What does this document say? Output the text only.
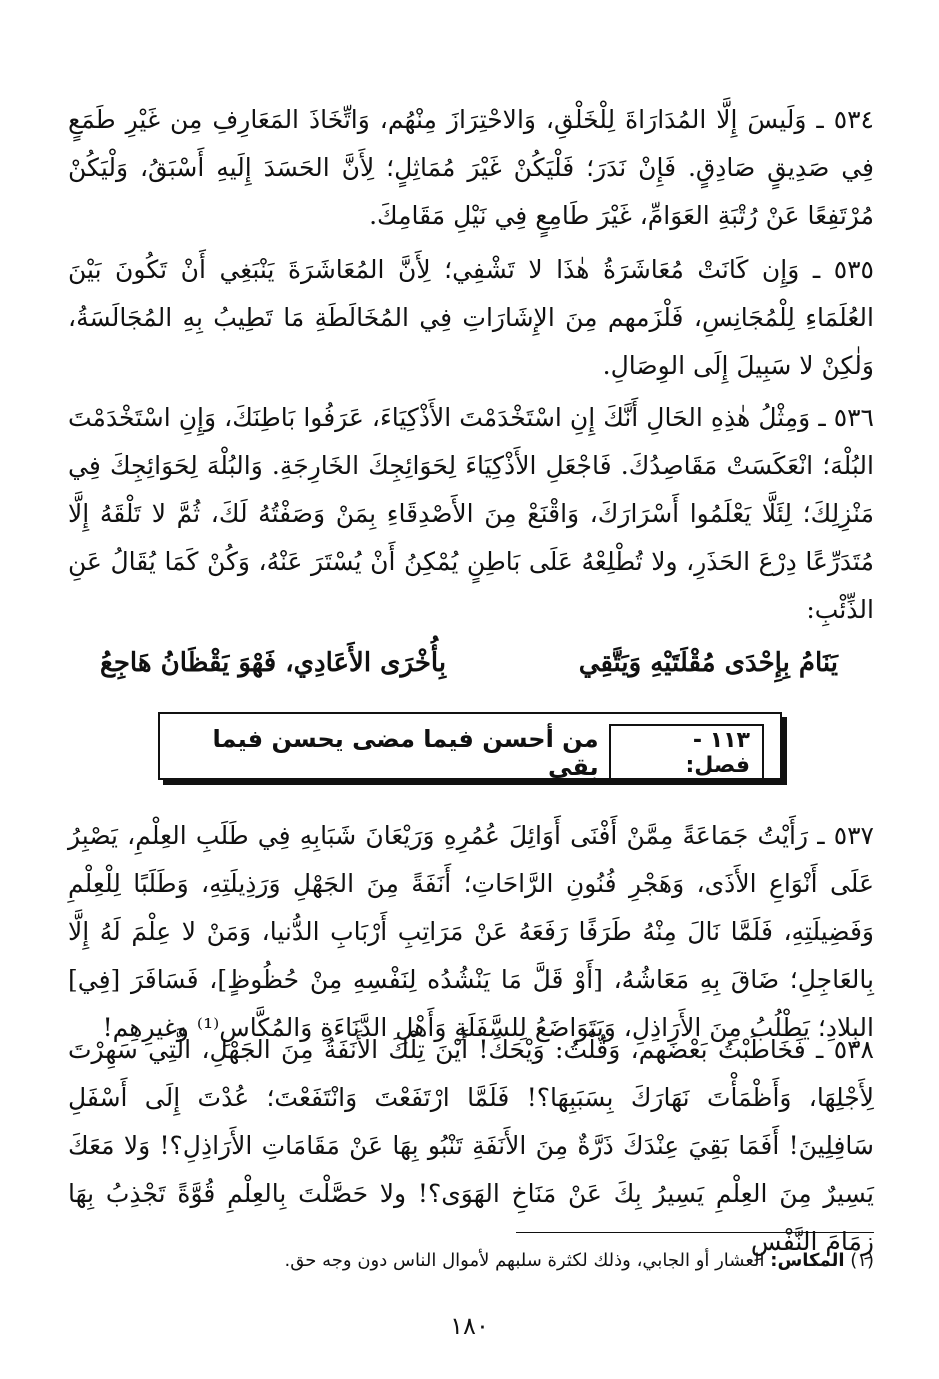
٥٣٤ ـ وَلَيسَ إِلَّا المُدَارَاةَ لِلْخَلْقِ، وَالاحْتِرَازَ مِنْهُم، وَاتِّخَاذَ المَعَارِفِ مِن غَيْرِ طَمَعٍ فِي صَدِيقٍ صَادِقٍ. فَإِنْ نَدَرَ؛ فَلْيَكُنْ غَيْرَ مُمَاثِلٍ؛ لِأَنَّ الحَسَدَ إِلَيهِ أَسْبَقُ، وَلْيَكُنْ مُرْتَفِعًا عَنْ رُتْبَةِ العَوَامِّ، غَيْرَ طَامِعٍ فِي نَيْلِ مَقَامِكَ.
٥٣٥ ـ وَإِن كَانَتْ مُعَاشَرَةُ هٰذَا لا تَشْفِي؛ لِأَنَّ المُعَاشَرَةَ يَنْبَغِي أَنْ تَكُونَ بَيْنَ العُلَمَاءِ لِلْمُجَانِسِ، فَلْزَمهم مِنَ الإِشَارَاتِ فِي المُخَالَطَةِ مَا تَطِيبُ بِهِ المُجَالَسَةُ، وَلٰكِنْ لا سَبِيلَ إِلَى الوِصَالِ.
٥٣٦ ـ وَمِثْلُ هٰذِهِ الحَالِ أَنَّكَ إِنِ اسْتَخْدَمْتَ الأَذْكِيَاءَ، عَرَفُوا بَاطِنَكَ، وَإِنِ اسْتَخْدَمْتَ البُلْهَ؛ انْعَكَسَتْ مَقَاصِدُكَ. فَاجْعَلِ الأَذْكِيَاءَ لِحَوَائِجِكَ الخَارِجَةِ. وَالبُلْهَ لِحَوَائِجِكَ فِي مَنْزِلِكَ؛ لِئَلَّا يَعْلَمُوا أَسْرَارَكَ، وَاقْنَعْ مِنَ الأَصْدِقَاءِ بِمَنْ وَصَفْتُهُ لَكَ، ثُمَّ لا تَلْقَهُ إِلَّا مُتَدَرِّعًا دِرْعَ الحَذَرِ، ولا تُطْلِعْهُ عَلَى بَاطِنٍ يُمْكِنُ أَنْ يُسْتَرَ عَنْهُ، وَكُنْ كَمَا يُقَالُ عَنِ الذِّئْبِ:
يَنَامُ بِإِحْدَى مُقْلَتَيْهِ وَيَتَّقِي
بِأُخْرَى الأَعَادِي، فَهْوَ يَقْظَانُ هَاجِعُ
١١٣ - فصل:
من أحسن فيما مضى يحسن فيما بقي
٥٣٧ ـ رَأَيْتُ جَمَاعَةً مِمَّنْ أَفْنَى أَوَائِلَ عُمُرِهِ وَرَيْعَانَ شَبَابِهِ فِي طَلَبِ العِلْمِ، يَصْبِرُ عَلَى أَنْوَاعِ الأَذَى، وَهَجْرِ فُنُونِ الرَّاحَاتِ؛ أَنَفَةً مِنَ الجَهْلِ وَرَذِيلَتِهِ، وَطَلَبًا لِلْعِلْمِ وَفَضِيلَتِهِ، فَلَمَّا نَالَ مِنْهُ طَرَفًا رَفَعَهُ عَنْ مَرَاتِبِ أَرْبَابِ الدُّنيا، وَمَنْ لا عِلْمَ لَهُ إِلَّا بِالعَاجِلِ؛ ضَاقَ بِهِ مَعَاشُهُ، [أَوْ قَلَّ مَا يَنْشُدُه لِنَفْسِهِ مِنْ حُظُوظٍ]، فَسَافَرَ [فِي] البِلادِ؛ يَطْلُبُ مِنَ الأَرَاذِلِ، وَيَتَوَاضَعُ لِلسَّفَلَةِ وَأَهْلِ الدَّنَاءَةِ وَالمُكَّاسِ⁽¹⁾ وغيرِهِم!
٥٣٨ ـ فَخَاطَبْتُ بَعْضَهم، وَقُلْتُ: وَيْحَكَ! أَيْنَ تِلْكَ الأَنَفَةُ مِنَ الجَهْلِ، الَّتِي سَهِرْتَ لِأَجْلِهَا، وَأَظْمَأْتَ نَهَارَكَ بِسَبَبِهَا؟! فَلَمَّا ارْتَفَعْتَ وَانْتَفَعْتَ؛ عُدْتَ إِلَى أَسْفَلِ سَافِلِينَ! أَفَمَا بَقِيَ عِنْدَكَ ذَرَّةٌ مِنَ الأَنَفَةِ تَنْبُو بِهَا عَنْ مَقَامَاتِ الأَرَاذِلِ؟! وَلا مَعَكَ يَسِيرٌ مِنَ العِلْمِ يَسِيرُ بِكَ عَنْ مَنَاخِ الهَوَى؟! ولا حَصَّلْتَ بِالعِلْمِ قُوَّةً تَجْذِبُ بِهَا زِمَامَ النَّفْسِ
(١) المكاس: العشار أو الجابي، وذلك لكثرة سلبهم لأموال الناس دون وجه حق.
١٨٠
